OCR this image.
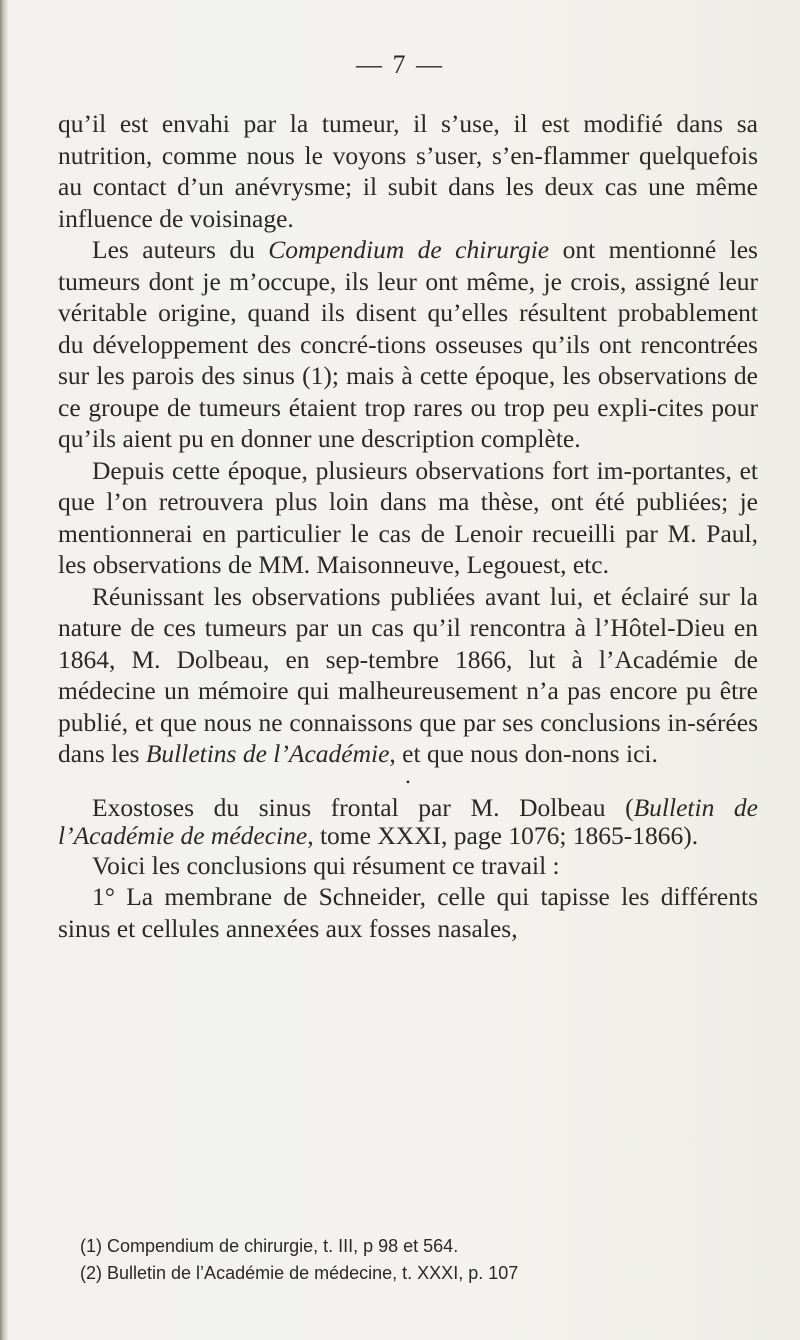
— 7 —

qu’il est envahi par la tumeur, il s’use, il est modifié dans sa nutrition, comme nous le voyons s’user, s’en-flammer quelquefois au contact d’un anévrysme; il subit dans les deux cas une même influence de voisinage.

Les auteurs du Compendium de chirurgie ont mentionné les tumeurs dont je m’occupe, ils leur ont même, je crois, assigné leur véritable origine, quand ils disent qu’elles résultent probablement du développement des concré-tions osseuses qu’ils ont rencontrées sur les parois des sinus (1); mais à cette époque, les observations de ce groupe de tumeurs étaient trop rares ou trop peu expli-cites pour qu’ils aient pu en donner une description complète.

Depuis cette époque, plusieurs observations fort im-portantes, et que l’on retrouvera plus loin dans ma thèse, ont été publiées; je mentionnerai en particulier le cas de Lenoir recueilli par M. Paul, les observations de MM. Maisonneuve, Legouest, etc.

Réunissant les observations publiées avant lui, et éclairé sur la nature de ces tumeurs par un cas qu’il rencontra à l’Hôtel-Dieu en 1864, M. Dolbeau, en sep-tembre 1866, lut à l’Académie de médecine un mémoire qui malheureusement n’a pas encore pu être publié, et que nous ne connaissons que par ses conclusions in-sérées dans les Bulletins de l’Académie, et que nous don-nons ici.

•

Exostoses du sinus frontal par M. Dolbeau (Bulletin de l’Académie de médecine, tome XXXI, page 1076; 1865-1866).

Voici les conclusions qui résument ce travail :

1° La membrane de Schneider, celle qui tapisse les différents sinus et cellules annexées aux fosses nasales,

(1) Compendium de chirurgie, t. III, p 98 et 564.
(2) Bulletin de l’Académie de médecine, t. XXXI, p. 107
